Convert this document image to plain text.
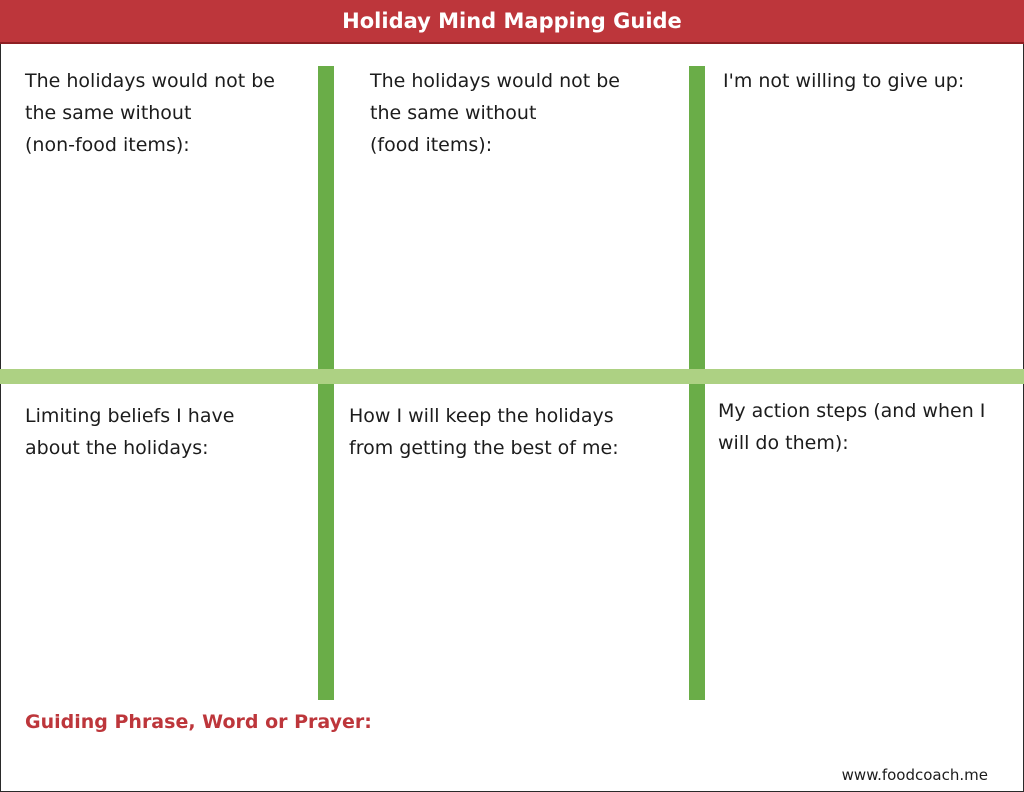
Holiday Mind Mapping Guide
The holidays would not be
the same without
(non-food items):
The holidays would not be
the same without
(food items):
I'm not willing to give up:
Limiting beliefs I have
about the holidays:
How I will keep the holidays
from getting the best of me:
My action steps (and when I
will do them):
Guiding Phrase, Word or Prayer:
www.foodcoach.me
